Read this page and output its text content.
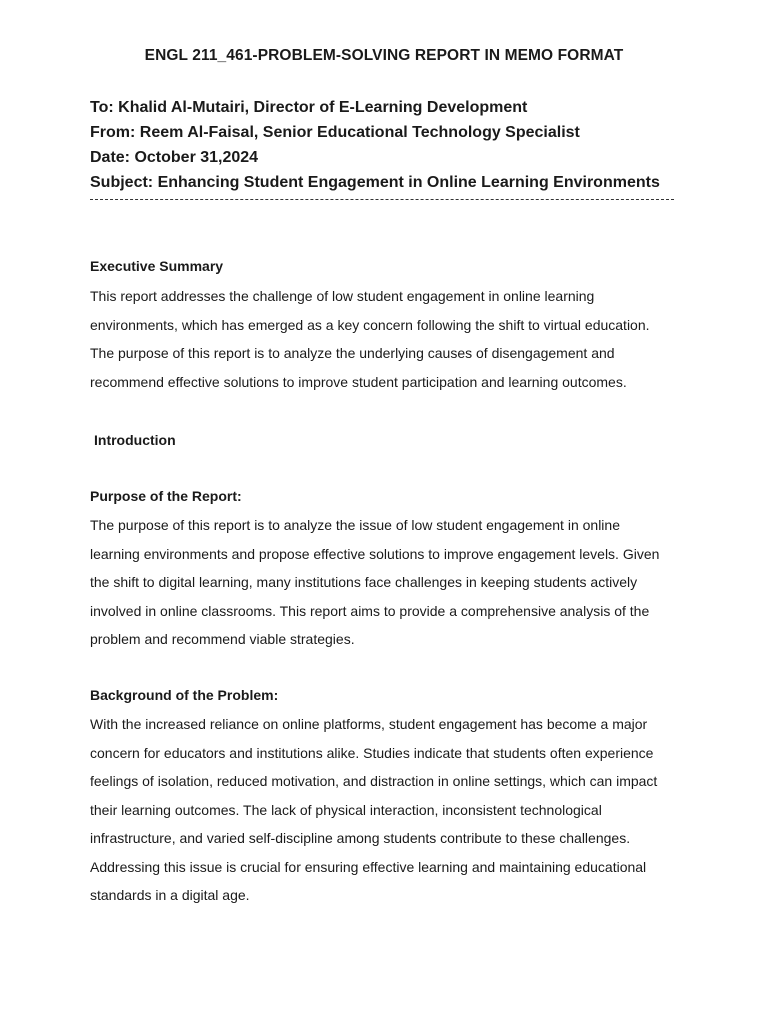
ENGL 211_461-PROBLEM-SOLVING REPORT IN MEMO FORMAT
To: Khalid Al-Mutairi, Director of E-Learning Development
From: Reem Al-Faisal, Senior Educational Technology Specialist
Date: October 31,2024
Subject: Enhancing Student Engagement in Online Learning Environments
Executive Summary
This report addresses the challenge of low student engagement in online learning
environments, which has emerged as a key concern following the shift to virtual education.
The purpose of this report is to analyze the underlying causes of disengagement and
recommend effective solutions to improve student participation and learning outcomes.
Introduction
Purpose of the Report:
The purpose of this report is to analyze the issue of low student engagement in online
learning environments and propose effective solutions to improve engagement levels. Given
the shift to digital learning, many institutions face challenges in keeping students actively
involved in online classrooms. This report aims to provide a comprehensive analysis of the
problem and recommend viable strategies.
Background of the Problem:
With the increased reliance on online platforms, student engagement has become a major
concern for educators and institutions alike. Studies indicate that students often experience
feelings of isolation, reduced motivation, and distraction in online settings, which can impact
their learning outcomes. The lack of physical interaction, inconsistent technological
infrastructure, and varied self-discipline among students contribute to these challenges.
Addressing this issue is crucial for ensuring effective learning and maintaining educational
standards in a digital age.
